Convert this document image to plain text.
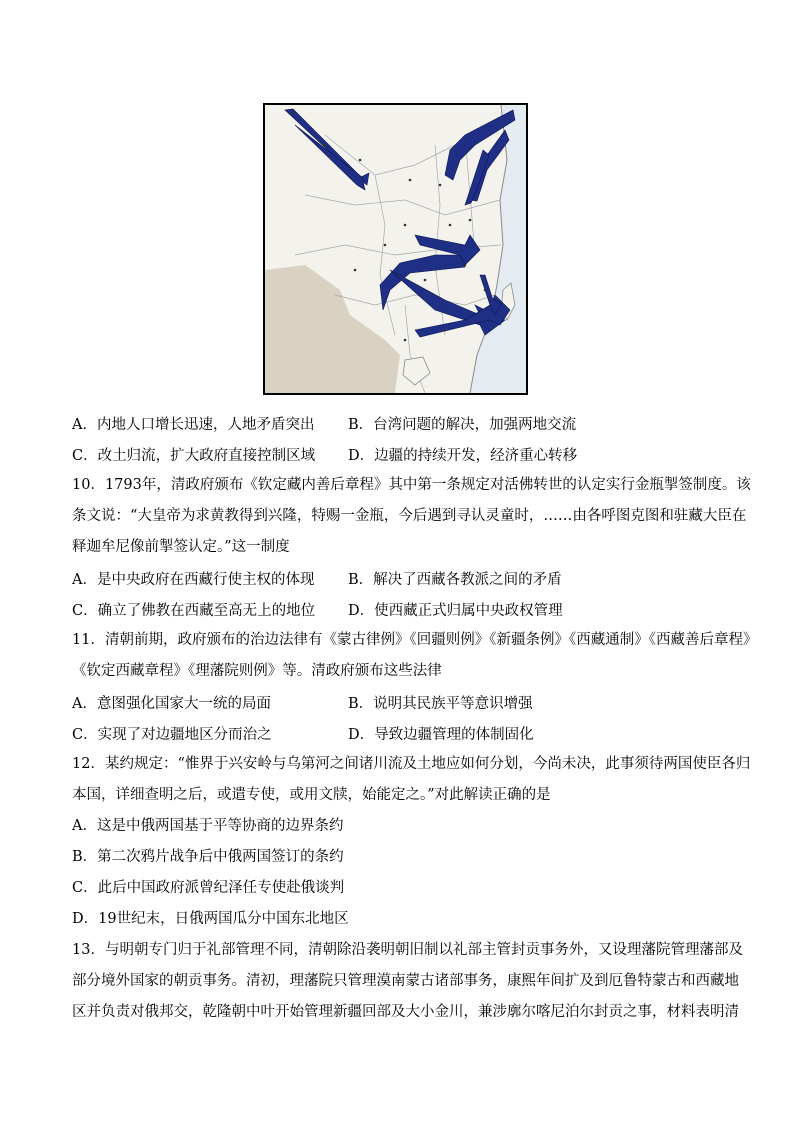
A．内地人口增长迅速，人地矛盾突出 B．台湾问题的解决，加强两地交流
C．改土归流，扩大政府直接控制区域 D．边疆的持续开发，经济重心转移
10．1793年，清政府颁布《钦定藏内善后章程》其中第一条规定对活佛转世的认定实行金瓶掣签制度。该
条文说：“大皇帝为求黄教得到兴隆，特赐一金瓶，今后遇到寻认灵童时，……由各呼图克图和驻藏大臣在
释迦牟尼像前掣签认定。”这一制度
A．是中央政府在西藏行使主权的体现 B．解决了西藏各教派之间的矛盾
C．确立了佛教在西藏至高无上的地位 D．使西藏正式归属中央政权管理
11．清朝前期，政府颁布的治边法律有《蒙古律例》《回疆则例》《新疆条例》《西藏通制》《西藏善后章程》
《钦定西藏章程》《理藩院则例》等。清政府颁布这些法律
A．意图强化国家大一统的局面	B．说明其民族平等意识增强
C．实现了对边疆地区分而治之	D．导致边疆管理的体制固化
12．某约规定：“惟界于兴安岭与乌第河之间诸川流及土地应如何分划，今尚未决，此事须待两国使臣各归
本国，详细查明之后，或遣专使，或用文牍，始能定之。”对此解读正确的是
A．这是中俄两国基于平等协商的边界条约
B．第二次鸦片战争后中俄两国签订的条约
C．此后中国政府派曾纪泽任专使赴俄谈判
D．19世纪末，日俄两国瓜分中国东北地区
13．与明朝专门归于礼部管理不同，清朝除沿袭明朝旧制以礼部主管封贡事务外，又设理藩院管理藩部及
部分境外国家的朝贡事务。清初，理藩院只管理漠南蒙古诸部事务，康熙年间扩及到厄鲁特蒙古和西藏地
区并负责对俄邦交，乾隆朝中叶开始管理新疆回部及大小金川，兼涉廓尔喀尼泊尔封贡之事，材料表明清
